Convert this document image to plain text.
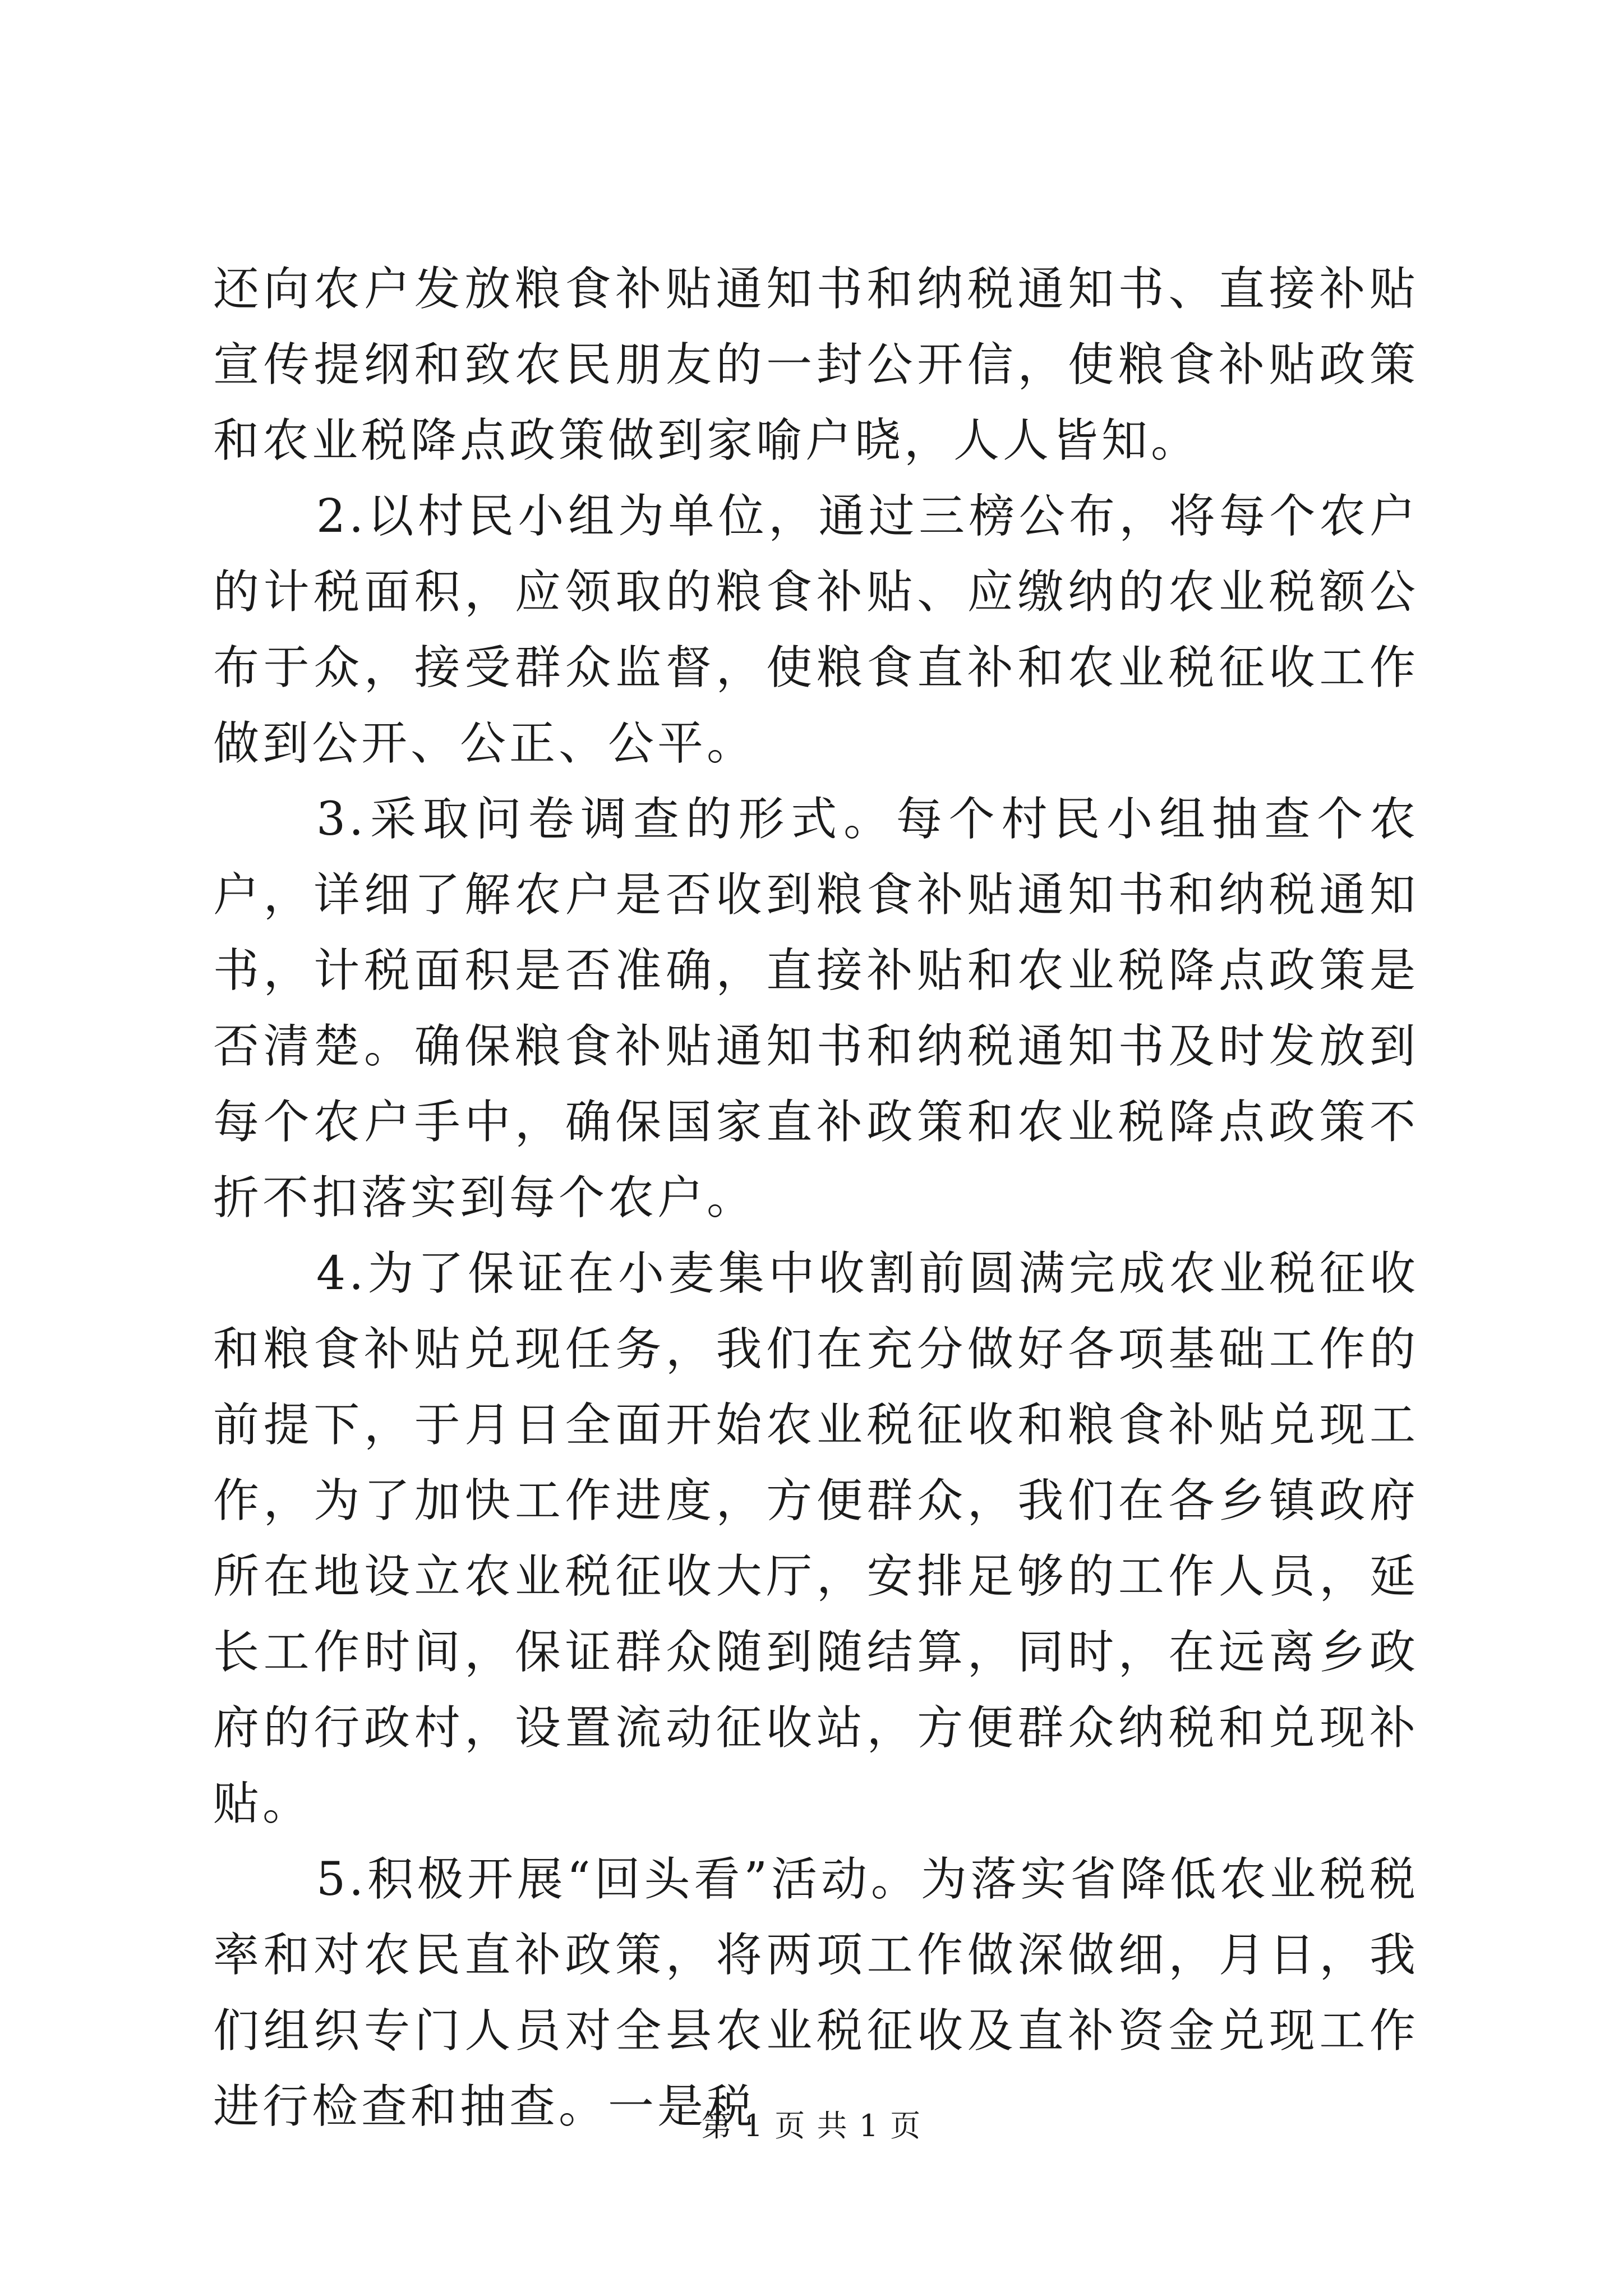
还向农户发放粮食补贴通知书和纳税通知书、直接补贴宣传提纲和致农民朋友的一封公开信，使粮食补贴政策和农业税降点政策做到家喻户晓，人人皆知。

2.以村民小组为单位，通过三榜公布，将每个农户的计税面积，应领取的粮食补贴、应缴纳的农业税额公布于众，接受群众监督，使粮食直补和农业税征收工作做到公开、公正、公平。

3.采取问卷调查的形式。每个村民小组抽查个农户，详细了解农户是否收到粮食补贴通知书和纳税通知书，计税面积是否准确，直接补贴和农业税降点政策是否清楚。确保粮食补贴通知书和纳税通知书及时发放到每个农户手中，确保国家直补政策和农业税降点政策不折不扣落实到每个农户。

4.为了保证在小麦集中收割前圆满完成农业税征收和粮食补贴兑现任务，我们在充分做好各项基础工作的前提下，于月日全面开始农业税征收和粮食补贴兑现工作，为了加快工作进度，方便群众，我们在各乡镇政府所在地设立农业税征收大厅，安排足够的工作人员，延长工作时间，保证群众随到随结算，同时，在远离乡政府的行政村，设置流动征收站，方便群众纳税和兑现补贴。

5.积极开展“回头看”活动。为落实省降低农业税税率和对农民直补政策，将两项工作做深做细，月日，我们组织专门人员对全县农业税征收及直补资金兑现工作进行检查和抽查。一是税

第 1 页 共 1 页
